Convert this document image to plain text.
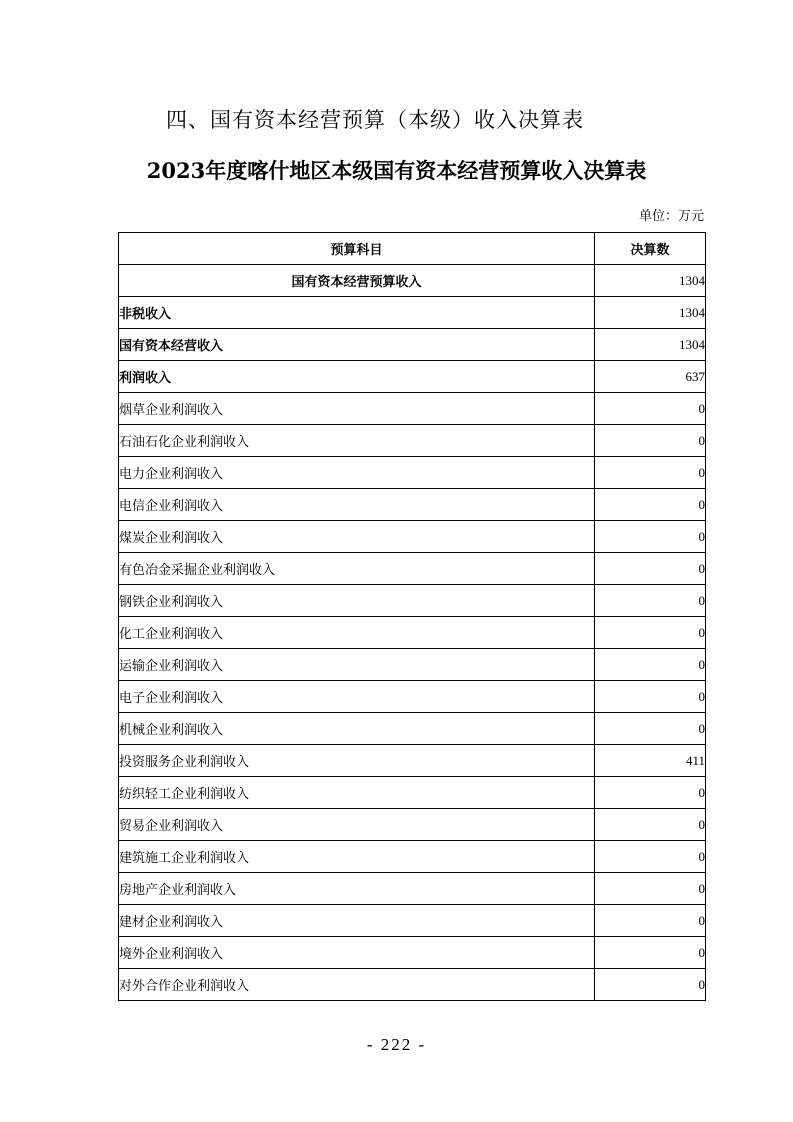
四、国有资本经营预算（本级）收入决算表
2023年度喀什地区本级国有资本经营预算收入决算表
单位：万元
预算科目	决算数
国有资本经营预算收入	1304
非税收入	1304
国有资本经营收入	1304
利润收入	637
烟草企业利润收入	0
石油石化企业利润收入	0
电力企业利润收入	0
电信企业利润收入	0
煤炭企业利润收入	0
有色冶金采掘企业利润收入	0
钢铁企业利润收入	0
化工企业利润收入	0
运输企业利润收入	0
电子企业利润收入	0
机械企业利润收入	0
投资服务企业利润收入	411
纺织轻工企业利润收入	0
贸易企业利润收入	0
建筑施工企业利润收入	0
房地产企业利润收入	0
建材企业利润收入	0
境外企业利润收入	0
对外合作企业利润收入	0
- 222 -
